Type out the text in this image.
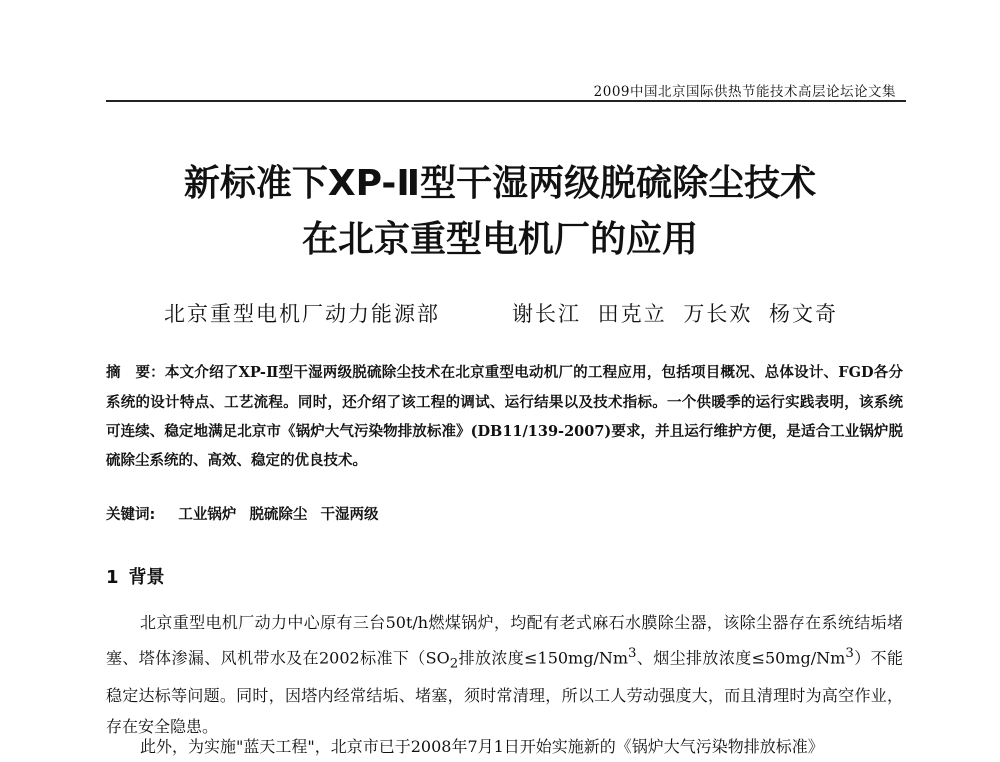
2009中国北京国际供热节能技术高层论坛论文集
新标准下XP-Ⅱ型干湿两级脱硫除尘技术
在北京重型电机厂的应用
北京重型电机厂动力能源部	谢长江 田克立 万长欢 杨文奇
摘　要：本文介绍了XP-Ⅱ型干湿两级脱硫除尘技术在北京重型电动机厂的工程应用，包括项目概况、总体设计、FGD各分系统的设计特点、工艺流程。同时，还介绍了该工程的调试、运行结果以及技术指标。一个供暖季的运行实践表明，该系统可连续、稳定地满足北京市《锅炉大气污染物排放标准》(DB11/139-2007)要求，并且运行维护方便，是适合工业锅炉脱硫除尘系统的、高效、稳定的优良技术。
关键词: 工业锅炉 脱硫除尘 干湿两级
1 背景
北京重型电机厂动力中心原有三台50t/h燃煤锅炉，均配有老式麻石水膜除尘器，该除尘器存在系统结垢堵塞、塔体渗漏、风机带水及在2002标准下（$SO_2$排放浓度$\le 150mg/Nm^3$、烟尘排放浓度$\le 50mg/Nm^3$）不能稳定达标等问题。同时，因塔内经常结垢、堵塞，须时常清理，所以工人劳动强度大，而且清理时为高空作业，存在安全隐患。
此外，为实施"蓝天工程"，北京市已于2008年7月1日开始实施新的《锅炉大气污染物排放标准》
